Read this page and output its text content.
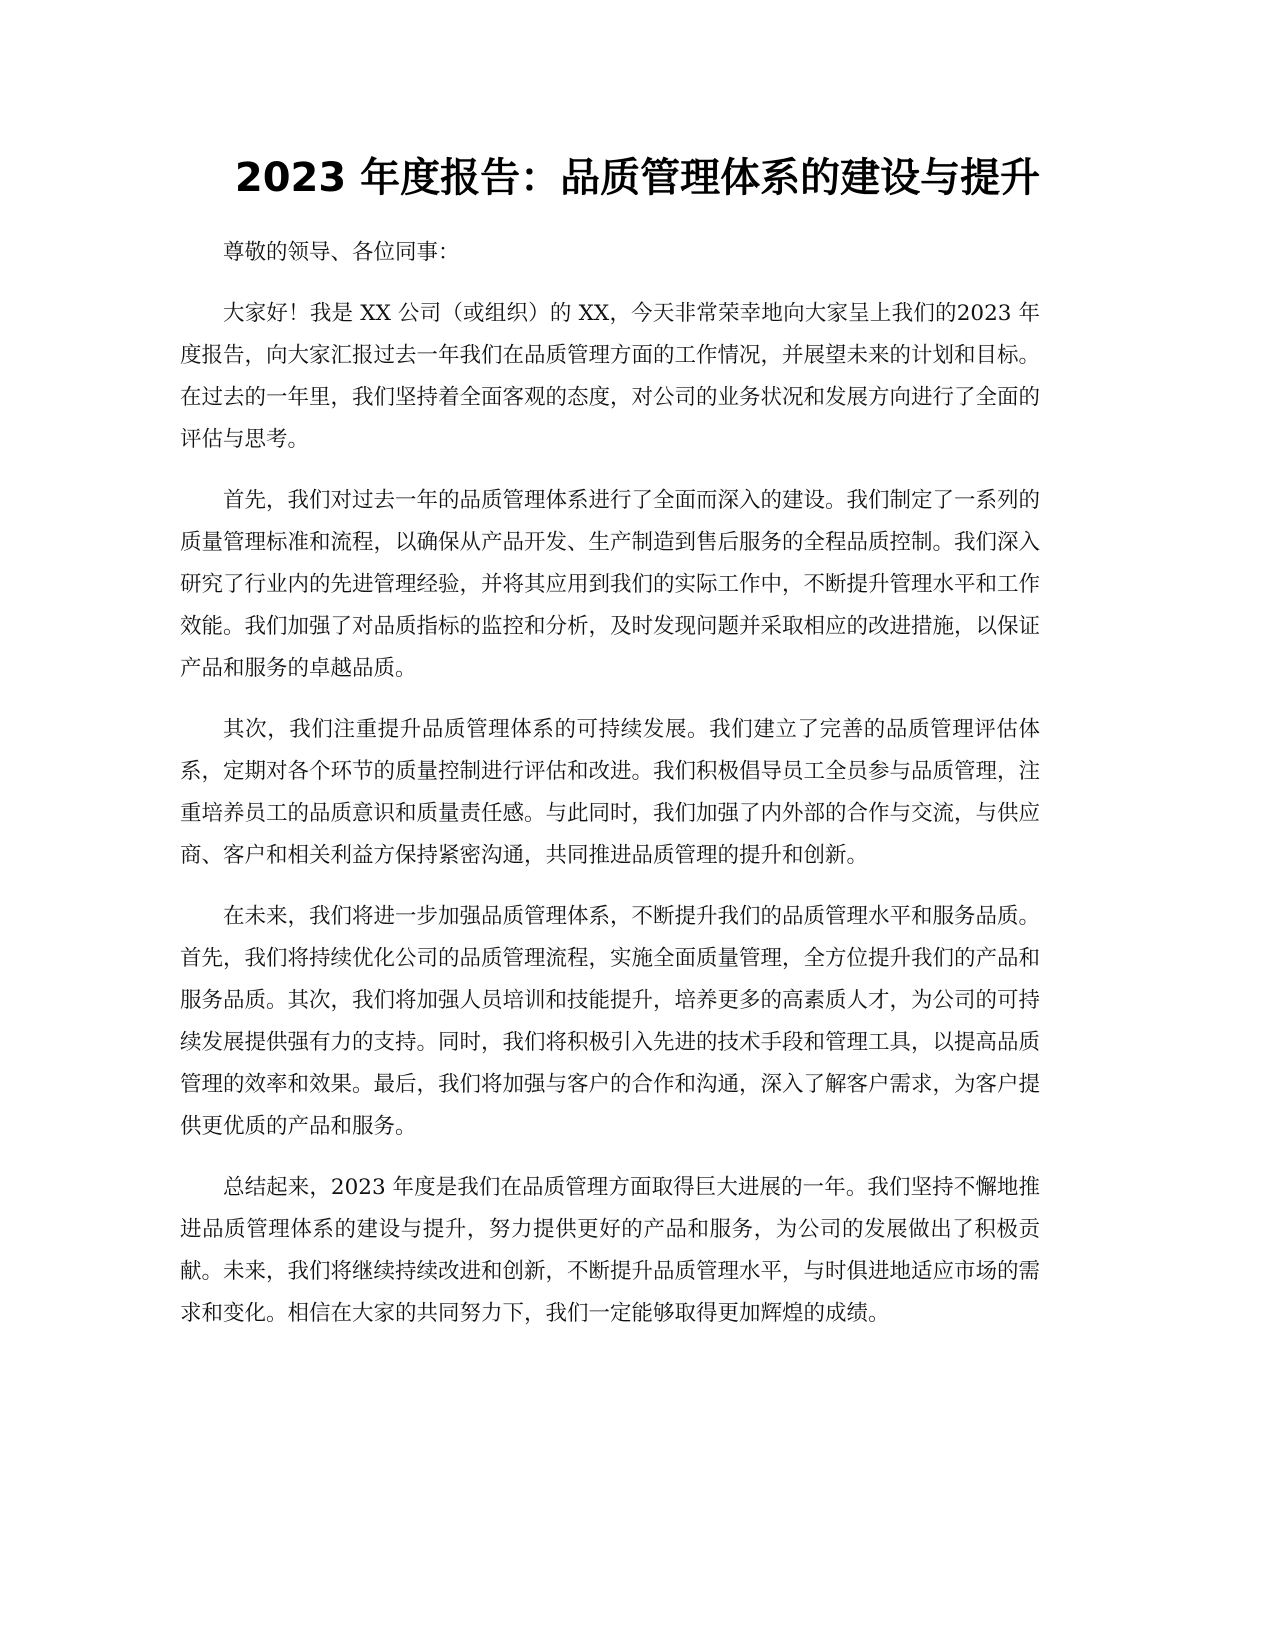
2023 年度报告：品质管理体系的建设与提升

尊敬的领导、各位同事：

大家好！我是 XX 公司（或组织）的 XX，今天非常荣幸地向大家呈上我们的2023 年度报告，向大家汇报过去一年我们在品质管理方面的工作情况，并展望未来的计划和目标。在过去的一年里，我们坚持着全面客观的态度，对公司的业务状况和发展方向进行了全面的评估与思考。

首先，我们对过去一年的品质管理体系进行了全面而深入的建设。我们制定了一系列的质量管理标准和流程，以确保从产品开发、生产制造到售后服务的全程品质控制。我们深入研究了行业内的先进管理经验，并将其应用到我们的实际工作中，不断提升管理水平和工作效能。我们加强了对品质指标的监控和分析，及时发现问题并采取相应的改进措施，以保证产品和服务的卓越品质。

其次，我们注重提升品质管理体系的可持续发展。我们建立了完善的品质管理评估体系，定期对各个环节的质量控制进行评估和改进。我们积极倡导员工全员参与品质管理，注重培养员工的品质意识和质量责任感。与此同时，我们加强了内外部的合作与交流，与供应商、客户和相关利益方保持紧密沟通，共同推进品质管理的提升和创新。

在未来，我们将进一步加强品质管理体系，不断提升我们的品质管理水平和服务品质。首先，我们将持续优化公司的品质管理流程，实施全面质量管理，全方位提升我们的产品和服务品质。其次，我们将加强人员培训和技能提升，培养更多的高素质人才，为公司的可持续发展提供强有力的支持。同时，我们将积极引入先进的技术手段和管理工具，以提高品质管理的效率和效果。最后，我们将加强与客户的合作和沟通，深入了解客户需求，为客户提供更优质的产品和服务。

总结起来，2023 年度是我们在品质管理方面取得巨大进展的一年。我们坚持不懈地推进品质管理体系的建设与提升，努力提供更好的产品和服务，为公司的发展做出了积极贡献。未来，我们将继续持续改进和创新，不断提升品质管理水平，与时俱进地适应市场的需求和变化。相信在大家的共同努力下，我们一定能够取得更加辉煌的成绩。
